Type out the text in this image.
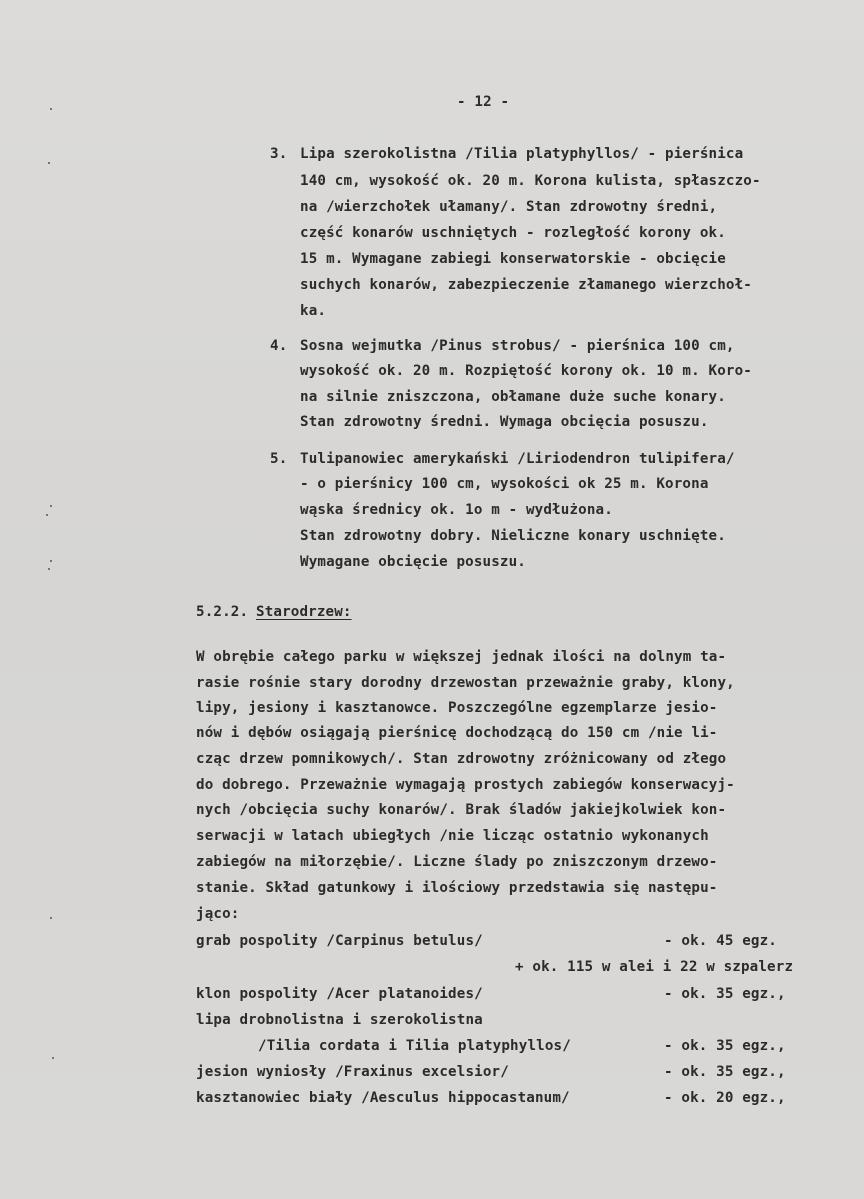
- 12 -
3. Lipa szerokolistna /Tilia platyphyllos/ - pierśnica
140 cm, wysokość ok. 20 m. Korona kulista, spłaszczo-
na /wierzchołek ułamany/. Stan zdrowotny średni,
część konarów uschniętych - rozległość korony ok.
15 m. Wymagane zabiegi konserwatorskie - obcięcie
suchych konarów, zabezpieczenie złamanego wierzchoł-
ka.
4. Sosna wejmutka /Pinus strobus/ - pierśnica 100 cm,
wysokość ok. 20 m. Rozpiętość korony ok. 10 m. Koro-
na silnie zniszczona, obłamane duże suche konary.
Stan zdrowotny średni. Wymaga obcięcia posuszu.
5. Tulipanowiec amerykański /Liriodendron tulipifera/
- o pierśnicy 100 cm, wysokości ok 25 m. Korona
wąska średnicy ok. 1o m - wydłużona.
Stan zdrowotny dobry. Nieliczne konary uschnięte.
Wymagane obcięcie posuszu.
5.2.2. Starodrzew:
W obrębie całego parku w większej jednak ilości na dolnym ta-
rasie rośnie stary dorodny drzewostan przeważnie graby, klony,
lipy, jesiony i kasztanowce. Poszczególne egzemplarze jesio-
nów i dębów osiągają pierśnicę dochodzącą do 150 cm /nie li-
cząc drzew pomnikowych/. Stan zdrowotny zróżnicowany od złego
do dobrego. Przeważnie wymagają prostych zabiegów konserwacyj-
nych /obcięcia suchy konarów/. Brak śladów jakiejkolwiek kon-
serwacji w latach ubiegłych /nie licząc ostatnio wykonanych
zabiegów na miłorzębie/. Liczne ślady po zniszczonym drzewo-
stanie. Skład gatunkowy i ilościowy przedstawia się następu-
jąco:
grab pospolity /Carpinus betulus/	- ok. 45 egz.
+ ok. 115 w alei i 22 w szpalerz
klon pospolity /Acer platanoides/	- ok. 35 egz.,
lipa drobnolistna i szerokolistna
/Tilia cordata i Tilia platyphyllos/	- ok. 35 egz.,
jesion wyniosły /Fraxinus excelsior/	- ok. 35 egz.,
kasztanowiec biały /Aesculus hippocastanum/	- ok. 20 egz.,
